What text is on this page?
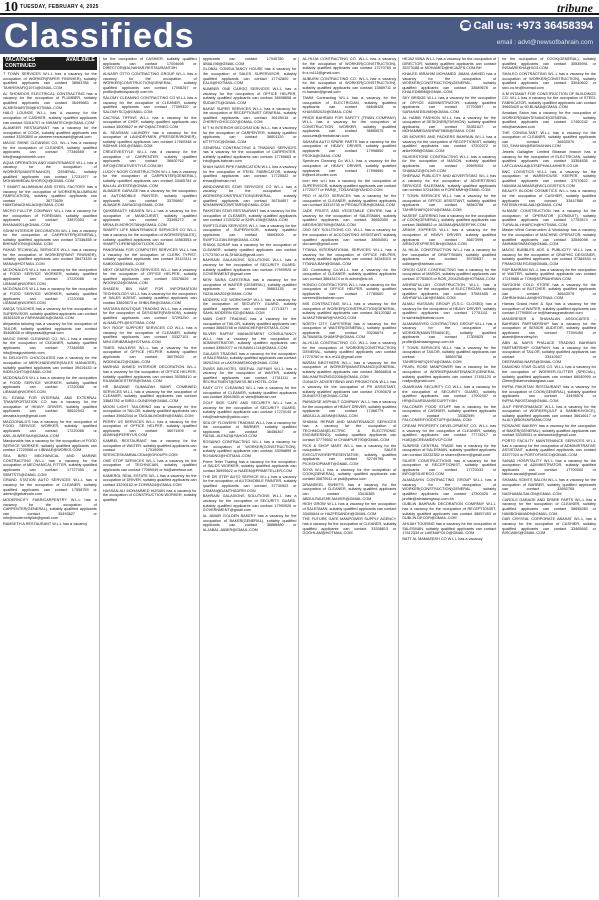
10 TUESDAY, FEBRUARY 4, 2025	tribune
Classifieds	☎ Call us: +973 36458394
email : advt@newsofbahrain.com
VACANCIES AVAILABLE CONTINUED

T TOWN SERVICES W.L.L has a vacancy for the occupation of WORKER(PAPER FINISHER), suitably qualified applicants can contact 38563788 or TAHIRSHAFIQ1974@GMAIL.COM

AL SHOMOOS ELECTRICAL CONTRACTING has a vacancy for the occupation of PLUMBER, suitably qualified applicants can contact 36499683 or ALMESHARITIM@HOTMAIL.COM

HALO LOUNGE W.L.L has a vacancy for the occupation of CASHIER, suitably qualified applicants can contact 33416707 or NIHAMTECH@GMAIL.COM

ALAMEER RESTAURANT has a vacancy for the occupation of COOK, suitably qualified applicants can contact 33393800 or alameer.restaurant@gmail.com

MAGIC SHINE CLEANING CO. W.L.L has a vacancy for the occupation of CLEANER, suitably qualified applicants can contact 77346555 or info@magicshinebh.com

AQUA OPERATION AND MAINTENANCE W.L.L has a vacancy for the occupation of WORKER(MAINTENANCE) GENERAL, suitably qualified applicants can contact 17231977 or MOHAMMEDALSHOROQI@GMAIL.COM

T SMART ALUMINIUM AND STEEL FACTORY has a vacancy for the occupation of WORKER(ALUMINUM FABRICATION), suitably qualified applicants can contact 36773639 or HAMTANAGHALAGI@GMAIL.COM

MICRO FULLTIP COMPANY W.L.L has a vacancy for the occupation of FOREMAN, suitably qualified applicants can contact 33870353 or BHANA6001@GMAIL.COM

SSHM INTERIOR DECORATION W.L.L has a vacancy for the occupation of CARPENTER(GENERAL), suitably qualified applicants can contact 37336458 or BHENATION0@GMAIL.COM

FAHAD TECHNICAL SERVICES W.L.L has a vacancy for the occupation of WORKER(PAINT FINISHER), suitably qualified applicants can contact 36473339 or MANA@HOTMAIL.COM

MCDONALD'S W.L.L has a vacancy for the occupation of FOOD SERVICE WORKER, suitably qualified applicants can contact 17220066 or LIBNIAE@WORKS.COM

MCDONALD'S W.L.L has a vacancy for the occupation of FOOD SERVICE WORKER, suitably qualified applicants can contact 17220066 or LIBNIAE@WORKS.COM

ANIQA TOUCHES has a vacancy for the occupation of SUPERVISOR, suitably qualified applicants can contact 36361525 or FARHANAEA@GMAIL.COM

dhiyaraba tailoring has a vacancy for the occupation of TAILOR, suitably qualified applicants can contact 35468035 or dilliprasad@gmail.com

MAGIC SHINE CLEANING CO. W.L.L has a vacancy for the occupation of CLEANER, suitably qualified applicants can contact 77346555 or info@magicshinebh.com

IN DELIGHTS CHOCOLATES has a vacancy for the occupation of MERCHANDISER(SALES MANAGER), suitably qualified applicants can contact 39414433 or INDELIGHTS@GMAIL.COM

MCDONALD'S W.L.L has a vacancy for the occupation of FOOD SERVICE WORKER, suitably qualified applicants can contact 17220066 or LIBNIAE@WORKS.COM

EL EZABA FOR INTERNAL AND EXTERNAL TRANSPORTATION CO. has a vacancy for the occupation of HEAVY DRIVER, suitably qualified applicants can contact 36632943 or alezaba.trpnt@gmail.com

MACDONALD'S has a vacancy for the occupation of FOOD SERVICE WORKER, suitably qualified applicants can contact 17220066 or ANIL.ALWEESAH@GMAIL.COM

Macdonalds has a vacancy for the occupation of FOOD SERVICE WORKER, suitably qualified applicants can contact 17220066 or LIBNIAE@WORKS.COM

SEA BIRD MECHANICAL AND MARINE CONTRACTING W.L.L has a vacancy for the occupation of MECHANICAL FITTER, suitably qualified applicants can contact 17727355 or SBMTSTS@GMAIL.COM

GRAND STATION AUTO SERVICES W.L.L has a vacancy for the occupation of CLEANER, suitably qualified applicants can contact 17558759 or admin@gsbahrain.com

MODERNCITY FABRICARPENTRY W.L.L has a vacancy for the occupation of CARPENTER(GENERAL), suitably qualified applicants can contact 35493627 or info@moderncityfab@gmail.com

RAMSETH A RESTAURANT W.L.L has a vacancy

for the occupation of CASHIER, suitably qualified applicants can contact 17004695 or DIRECTOR@ALNAHAR.RESTAURANT.BH

ALNASR OTTO CONTRACTING GROUP W.L.L has a vacancy for the occupation of WORKER(CONSTRUCTION)GENERAL, suitably qualified applicants can contact 17008267 or profile@altnospalm@.com.bh

SALOMY CLEANING CONTRACTING CO W.L.L has a vacancy for the occupation of CLEANER, suitably qualified applicants can contact 77099320 or SALOMYSCQ@GMAIL.COM

CACTINA TIFFINS W.L.L has a vacancy for the occupation of CHEF, suitably qualified applicants can contact 36009627 or INFO@ACTINEO.COM

AL SEASHAN LAUNDRY has a vacancy for the occupation of LAUNDRYMEN (PRESSER/IRONER), suitably qualified applicants can contact 17060348 or INDHAR.1901@GMAIL.COM

CREATIVESTYLE W.L.L has a vacancy for the occupation of CARPENTER, suitably qualified applicants can contact 36600762 or INFO@CREATIVESTYLE.COM.BH

LUCKY NOOR CONSTRUCTION W.L.L has a vacancy for the occupation of CARPENTER(GENERAL), suitably qualified applicants can contact 33465781 or BALLAL.AYESTE@GMAIL.COM

ALBADER GARAGE has a vacancy for the occupation of AUTOMOBILE PAINTER, suitably qualified applicants can contact 33759867 or ALBADER.GARAGE@GMAIL.COM

QUIKBEAUTY HEAVEN W.L.L has a vacancy for the occupation of MANICURIST, suitably qualified applicants can contact 33395272 or MENA.ELMOROSTAN@GMAIL.COM

SMARTY LIFE MAINTENANCE SERVICES CO W.L.L has a vacancy for the occupation of WORKER(SALES), suitably qualified applicants can contact 34563553 or SMARTYLIFEBH@OUTLOOK.COM

PANORAMA FOR COMPUTER SERVICES W.L.L has a vacancy for the occupation of CLERK TYPIST, suitably qualified applicants can contact 33123111 or KAB0033@GMAIL.COM

NEXT GENERATION SERVICES W.L.L has a vacancy for the occupation of OFFICE HELPER, suitably qualified applicants can contact 33376626 or WOONG24@GMAIL.COM

SHAEEN BIN NAIF FOR INFORMATION TECHNOLOGY W.L.L has a vacancy for the occupation of SALES AGENT, suitably qualified applicants can contact 33825673 or SHBN.BH@GMAIL.COM

VASTARA BOUTIQUE TRADING W.L.L has a vacancy for the occupation of DESIGNER(FASHION), suitably qualified applicants can contact 37293250 or ALNAKLPFL@HOTMAIL.COM

SKY ROOF SUPPORT SERVICES CO W.L.L has a vacancy for the occupation of CLEANER, suitably qualified applicants can contact 33327101 or MINI.GIRIBARA@HOTMAIL.COM

TIMES HAULERS W.L.L has a vacancy for the occupation of OFFICE HELPER, suitably qualified applicants can contact 36075620 or WODNOAZ2@GMAIL.COM

MARHAD AHMED INTERIOR DECORATION W.L.L has a vacancy for the occupation of OFFICE HELPER, suitably qualified applicants can contact 35355410 or RAJAMAGESTERS@GMAIL.COM

HR BAIZANE GUMAIZAH BAHR COMBINED SERVICES W.L.L has a vacancy for the occupation of CLEANER, suitably qualified applicants can contact 33683782 or BIRD.LOUNE99@GMAIL.COM

MOON LIGHT TAILORING has a vacancy for the occupation of TAILOR, suitably qualified applicants can contact 39662344 or TAGUALMOMEN@GMAIL.COM

PERRY US SERVICES W.L.L has a vacancy for the occupation of OFFICE HELPER, suitably qualified applicants can contact 36071509 or ADMIN@PERRYUS.COM

KAMBEL RESTAURANT has a vacancy for the occupation of WAITER, suitably qualified applicants can contact 17010098 or SERVICESKAMBALCEA4@GROUPS.COM

ONE STOP SERVICES W.L.L has a vacancy for the occupation of TECHNICIAN, suitably qualified applicants can contact 77089049 or fst@atnetwor.net

KAMEROL REAL ESTATE W.L.L has a vacancy for the occupation of DRIVER, suitably qualified applicants can contact 33290162 or ZOHRA04@GMAIL.COM

HASSAN ALI MOHAMMED HUSAIN has a vacancy for the occupation of CONSTRUCTION WORKER, suitably qualified

applicants can contact 17045780 or ABIALI98@GMAIL.COM

GLOBAL CONSULTANCY HOUSE has a vacancy for the occupation of SALES SUPERVISOR, suitably qualified applicants can contact 17742800 or EALS@HOTMAIL.COM

NUMBER ONE CARGO SERVICES W.L.L has a vacancy for the occupation of OFFICE HELPER, suitably qualified applicants can contact 36698658 or SUDAKTS@GMAIL.COM

BAHAT SUPER SERVICES W.L.L has a vacancy for the occupation of RECEPTIONIST GENERAL, suitably qualified applicants can contact 36105016 or CHERRYCHOCO37@GMAIL.COM

M T M INTERIOR DECORATION W.L.L has a vacancy for the occupation of CARPENTER, suitably qualified applicants can contact 36601120 or MTTFTOC@GMAIL.COM

GENERAL CONTRACTING & TRADING SERVICES has a vacancy for the occupation of CARPENTER, suitably qualified applicants can contact 17769663 or info@gcts-bahrain.com

SHAH NASS PIPE FABRICATION W.L.L has a vacancy for the occupation of STEEL FABRICATOR, suitably qualified applicants can contact 17725522 or shnas@bahrain.net

WINDOWNESS STAR SERVICES CO W.L.L has a vacancy for the occupation of WORKER(CONSTRUCTION)GENERAL, suitably qualified applicants can contact 36754807 or NIHAMWINDOWSTARS@GMAIL.COM

PAKISTAN STAR RESTAURANT has a vacancy for the occupation of CLEANER, suitably qualified applicants can contact 17253232 or KNPL19A@GMAIL.COM

SWIFTCLEAN SERVICES W.L.L has a vacancy for the occupation of SUPERVISOR, suitably qualified applicants can contact 36693009 or SWIFTCLEAN.BH@GMAIL.COM

SHAKA SORAP has a vacancy for the occupation of CLEANER, suitably qualified applicants can contact 17173760 or ALSHAKA@gmail.com

BAHRAIN GALAXIONS SOLUTIONS W.L.L has a vacancy for the occupation of SECURITY GUARD, suitably qualified applicants can contact 17990926 or GOVERNMENT@gmail.com

NEW SAIRA CAFETERIA has a vacancy for the occupation of WAITER (GENERAL), suitably qualified applicants can contact 39663135 or FAZALMAZ02@GMAIL.COM

MODERN ICE WORKSHOP W.L.L has a vacancy for the occupation of SECURITY GUARD, suitably qualified applicants can contact 17713377 or SAHIL.MODERN.ICE@GMAIL.COM

MAIN CHEF TRADING has a vacancy for the occupation of TAILOR, suitably qualified applicants can contact 36663766 or MAINCHEF@HOTMAIL.COM

SILVER RAFFAT MANAGEMENT CONSULTANCY W.L.L has a vacancy for the occupation of ADMINISTRATOR, suitably qualified applicants can contact 33962077 or HUNAIN.LI14@GMAIL.COM

GALAXIS TRADING has a vacancy for the occupation of SALESMAN, suitably qualified applicants can contact 38202264 or LAKSHAMSH02@GMAIL.COM

SWISS BELHOTEL SEEF/AL JUFFAIR W.L.L has a vacancy for the occupation of WAITER, suitably qualified applicants can contact 17311111 or RECRUITMENT@SWISS-BELHOTEL.COM

EASY CITY CLEANING W.L.L has a vacancy for the occupation of CLEANER, suitably qualified applicants can contact 39643631 or view@bahrain.net

GOLF SIDE CAFE AND SECURITY W.L.L has a vacancy for the occupation of SECURITY GUARD, suitably qualified applicants can contact 17270140 or info@hsiinwin@yahoo.com

SEA OF FLOWERS TRADING W.L.L has a vacancy for the occupation of BARBER, suitably qualified applicants can contact 36456367 or FAISAL.ALENZI@YAHOO.COM

ROSAINO CONTRACTING W.L.L has a vacancy for the occupation of WORKER(CONSTRUCTION), suitably qualified applicants can contact 33096899 or ROSAINO@HOTMAIL.COM

Prime Teller Trading has a vacancy for the occupation of SALES WORKER, suitably qualified applicants can contact 36995622 or NAEEM@PRIMETELLER.COM

THE DR STEP AUTO SERVICE W.L.L has a vacancy for the occupation of AUTOMOBILE PAINTER, suitably qualified applicants can contact 37730503 or OSMAN@DAMTHADRRI.COM

BAHRAIN GALAXIONS SOLUTIONS W.L.L has a vacancy for the occupation of SECURITY GUARD, suitably qualified applicants can contact 17990926 or GOVERNMENT@gmail.com

AL JABAR GOLDEN BAKERY has a vacancy for the occupation of BAKER(GENERAL), suitably qualified applicants can contact 38888480 or ALJABAL.JABER@GMAIL.COM

AL-HIJJA CONTRACTING CO. W.L.L has a vacancy for the occupation of WORKER(CONSTRUCTION), suitably qualified applicants can contact 17270760 or ib.s.m111@gmail.com

AUBURN CONTRACTING CO. W.L.L has a vacancy for the occupation of WORKER(CONSTRUCTION), suitably qualified applicants can contact 13889711 or m.hamam@gmail.com

TAMM Contracting W.L.L has a vacancy for the occupation of ELECTRICIAN, suitably qualified applicants can contact 66646428 or KHASSB2020@GMAIL.COM

PRICE BAHRAIN FOR SAFETY (TRAIN COMPANY) W.L.L has a vacancy for the occupation of CONSTRUCTION WORKER, suitably qualified applicants can contact 36855575 or accounts@ritmbahrain.com

SAHARA AUTO SPARE PARTS has a vacancy for the occupation of HEAVY DRIVER, suitably qualified applicants can contact 17998650 or FSOKA@GMAIL.COM

Spectrum Cleaning Co W.L.L has a vacancy for the occupation of HEAVY DRIVER, suitably qualified applicants can contact 17998650 or ib@sml.bhodex.com

icon tree w.l.l has a vacancy for the occupation of SUPERVISOR, suitably qualified applicants can contact 17720277 or PAR@_TODAY82@YAHOO.COM

PRO H AUTO SERVICES has a vacancy for the occupation of CLEANER, suitably qualified applicants can contact 33313730 or PROAUTOBH@GMAIL.COM

JADE FRUITS AND VEGETABLE CENTRE has a vacancy for the occupation of SALESMAN, suitably qualified applicants can contact 36652050 or MEDSHOB7909@GMAIL.COM

CBO SKY SOLUTIONS CO. W.L.L has a vacancy for the occupation of ACCOUNTING ASSISTANT, suitably qualified applicants can contact 38654001 or cbo.web@gmail.com

TITANIA INTERNATIONAL SERVICES W.L.L has a vacancy for the occupation of OFFICE HELPER, suitably qualified applicants can contact 34346310 or TITANIA.BAH@GMAIL.COM

DD Contracting Co.W.L.L has a vacancy for the occupation of CLEANER, suitably qualified applicants can contact 36643474 or ib.admin@dc.bh

HONGLI CONTRACTORS W.L.L has a vacancy for the occupation of OFFICE HELPER, suitably qualified applicants can contact 17780600 or careers@kcbahrain.com

MIS CONTRACTING W.L.L has a vacancy for the occupation of WORKER(CONSTRUCTION)GENERAL, suitably qualified applicants can contact 36120382 or ALMAZTIBHAR@YAHOO.COM

NORTH CITY CAFETERIA has a vacancy for the occupation of WAITER(GENERAL), suitably qualified applicants can contact 33236674 or ALTAWASA.SHAMSP@GMAIL.COM

AL-HIJJA CONTRACTING CO. W.L.L has a vacancy for the occupation of WORKER(CONSTRUCTION) GENERAL, suitably qualified applicants can contact 17270760 or ib.s.m111@gmail.com

BARAN BROTHERS W.L.L has a vacancy for the occupation of WORKER(MAINTENANCE)GENERAL, suitably qualified applicants can contact 36668818 or BALHAMTMZNGG2006@GMAIL.COM

GUNASY ADVERTISING AND PROMOTION W.L.L has a vacancy for the occupation of PR ASSISTANT, suitably qualified applicants can contact 17050678 or DUNASY37@GMAIL.COM

PARADISE ASPHALT COMPANY W.L.L has a vacancy for the occupation of HEAVY DRIVER, suitably qualified applicants can contact 17466779 or ABDULLA.JASIM@GMAIL.COM

SHAMAL REPAIR AND MAINTENANCE SERVICES has a vacancy for the occupation of TECHNICIAN(ELECTRIC & ELECTRONIC ENGINEERING), suitably qualified applicants can contact 37779652 or CHAMPUR790@GMAIL.COM

PICK & SHOP MART W.L.L has a vacancy for the occupation of SALES EXECUTIVE/REPRESENTATIVE, suitably qualified applicants can contact 32749796 or PICKSHOPMART@GMAIL.COM

SOYA W.L.L has a vacancy for the occupation of COOK(GENERAL), suitably qualified applicants can contact 35879511 or psd@yahoo.com

DRAMDEEL SWEETS has a vacancy for the occupation of CLEANER, suitably qualified applicants can contact 33416365 or ABDULRAUSHE.MAHER@GMAIL.COM

HIGH GROW W.L.L has a vacancy for the occupation of SALESMAN, suitably qualified applicants can contact 33400644 or HAZFESANDH@GMAIL.COM

THE FUTURE GATE MANPOWER SUPPLY AGENCY has a vacancy for the occupation of CLEANER, suitably qualified applicants can contact 33336813 or GOOHLAM@HOTMAIL.COM

HEJAZ MINA W.L.L has a vacancy for the occupation of DIRECTOR, suitably qualified applicants can contact 33373188 or MOHAMED@HEJAZFS.COM.BH

KHALED IBRAHIM MOHAMED JAMAL AHMED has a vacancy for the occupation of WORKER(CONSTRUCTION)GENERAL, suitably qualified applicants can contact 33689676 or KHALEDIBBM@GMAIL.COM

SKY BRIDGE W.L.L has a vacancy for the occupation of OFFICE ADMINISTRATOR, suitably qualified applicants can contact 37703597 or SARAHATEB1989@GMAIL.COM

AL HABIB FASHION W.L.L has a vacancy for the occupation of DESIGNER(FASHION), suitably qualified applicants can contact 35351627 or MOHAMMEDASHRAF0830@GMAIL.COM

GB MOVERS AND PACKERS BAHRAIN W.L.L has a vacancy for the occupation of RECEPTIONIST, suitably qualified applicants can contact 17202072 or ahlie9998@GMAIL.COM

SILVERSTONE CONTRACTING W.L.L has a vacancy for the occupation of MASON, suitably qualified applicants can contact 39699304 or SHABAZIZ@OLIVE.COM

SHERAAZ PUBLICITY AND ADVERTISING W.L.L has a vacancy for the occupation of ADVERTISING SERVICES SALESMAN, suitably qualified applicants can contact 37244984 or FOREMMH@GMAIL.COM

T TOWN SERVICES W.L.L has a vacancy for the occupation of OFFICE ASSISTANT, suitably qualified applicants can contact 38563788 or TAHIRSHAFIQ1974@GMAIL.COM

NASEEF CATERING has a vacancy for the occupation of COOK(GENERAL), suitably qualified applicants can contact 36658852 or JASIMA@NASEEFHK.COM

ARASH EXPRESS W.L.L has a vacancy for the occupation of HEAVY DRIVER, suitably qualified applicants can contact 36673999 or AIRDOVEXPRESS.BH@GMAIL.COM

AL HILAL CONSTRUCTION W.L.L has a vacancy for the occupation of DRAFTSMAN, suitably qualified applicants can contact 39730637 or colledger@bahrain.com

ORION GATE CONTRACTING has a vacancy for the occupation of MASON, suitably qualified applicants can contact 37753503 or BOB_2004ZND@HOTMAIL.COM

ASHRAFULLAH CONSTRUCTION W.L.L has a vacancy for the occupation of ELECTRICIAN, suitably qualified applicants can contact 37581655 or ASHRAFULLAH@GMAIL.COM

ALMAJ HUSSAIN GROUP (S.S.C. CLOSED) has a vacancy for the occupation of HEAVY DRIVER, suitably qualified applicants can contact 17751111 or hr.samirta@bahrain.com

ALMAWASYED CONTRACTING GROUP W.L.L has a vacancy for the occupation of WORKER(MAINTENANCE), suitably qualified applicants can contact 17300825 or profile@almasimgroup.com.bh

T TOWN SERVICES W.L.L has a vacancy for the occupation of TAILOR, suitably qualified applicants can contact 38563788 or TAHIRSHAFIQ1974@GMAIL.COM

PEARL ROSE MANPOWER has a vacancy for the occupation of WORKER(MAINTENANCE)GENERAL, suitably qualified applicants can contact 17451120 or rosilpo@gmail.com

GUARDIAN SECURITY CO W.L.L has a vacancy for the occupation of SECURITY GUARD, suitably qualified applicants can contact 17002407 or HR@GUARDIANSECURITY.BH

FALCONER FOOD STUFF has a vacancy for the occupation of CASHIER, suitably qualified applicants can contact 33382599 or FALCONERFOODSTUFF@GMAIL.COM

CREAM PROPERTY DEVELOPMENT CO. W.L.L has a vacancy for the occupation of CLEANER, suitably qualified applicants can contact 77778217 or H18Q@CREAMDEVCP.COM

SUNRISE CENTRAL TRADE has a vacancy for the occupation of SALESMAN, suitably qualified applicants can contact 33232382 or sharex@exmr@gmail.com

SILVER CONSTRUCTIONS has a vacancy for the occupation of RECEPTIONIST, suitably qualified applicants can contact 17723333 or INFO@SILVERCO.COM

ALMADAYIN CONTRACTING GROUP W.L.L has a vacancy for the occupation of WORKER(CONSTRUCTION)GENERAL, suitably qualified applicants can contact 17300425 or profile@almasimgroup.com.bh

DUBLIN BAHRAIN DECORATION COMPANY W.L.L has a vacancy for the occupation of RECEPTIONIST, suitably qualified applicants can contact 38657453 or DUBLIN.DECOR@GMAIL.COM

AHLIAH TOURING has a vacancy for the occupation of SALESMAN, suitably qualified applicants can contact 17612334 or LAIENAPOLO@GMAIL.COM

BATT AL MAMAEESH CO W.L.L has a vacancy

for the occupation of COOK(GENERAL), suitably qualified applicants can contact 35535991 or INSAAREKHA@SG3.COM

SHALEO CONTRACTING W.L.L has a vacancy for the occupation of WORKER(CONSTRUCTION), suitably qualified applicants can contact 33040602 or smc.co.bh@hotmail.com

A M INTAMAT FOR CONSTRUCTION OF BUILDINGS CO. W.L.L has a vacancy for the occupation of STEEL FABRICATOR, suitably qualified applicants can contact 39653429 or 60.BLNAA@GMAIL.COM

Amadani Salon has a vacancy for the occupation of WORKER(MAINTENANCE)GENERAL, suitably qualified applicants can contact 17450242 or info@amadani.com

THE CONSULTANT W.L.L has a vacancy for the occupation of CLEANER, suitably qualified applicants can contact 36830070 or GO_SHAHAN@RASHAHAN.COM

Jewels Gallagher Limited Bhawan branch has a vacancy for the occupation of ELECTRICIAN, suitably qualified applicants can contact 33364835 or LAFCLAHALA@JOSEPHALLAHHER.CO.UK

BNC LOGISTICS W.L.L has a vacancy for the occupation of WAREHOUSE KEEPER, suitably qualified applicants can contact 37070622 or HAMAM.ALMIMAR@WCLOGISTICS.COM

BEAUTY BLOOM COSMETICS W.L.L has a vacancy for the occupation of CASHIER, suitably qualified applicants can contact 33447880 or FATEMA.HHALAALI@GMAIL.COM

ALMASE CONSTRUCTION has a vacancy for the occupation of OPERATOR (CONDUIT), suitably qualified applicants can contact 17753574 or TURALAL.HHARCH@HOTMAIL.COM

Master Wind Construction & Workshop has a vacancy for the occupation of MACHINE OPERATOR, suitably qualified applicants can contact 33546098 or AMINMASWAN03@GMAIL.COM

MAGIC BUBBLES ADS & PUBLICITY W.L.L has a vacancy for the occupation of GRAPHIC DESIGNER, suitably qualified applicants can contact 37384534 or FRANCISM.RC83@GMAIL.COM

SSP BAHRAIN W.L.L has a vacancy for the occupation of WAITER, suitably qualified applicants can contact 17219685 or TOM@SSPBAHRAIN.COM

SAYDOHA COLD STORE has a vacancy for the occupation of BUTCHER, suitably qualified applicants can contact 36643079 or ZAHRAHHALLAH@HOTMAIL.COM

Hamas Grand Hotel & Spa has a vacancy for the occupation of WAITER, suitably qualified applicants can contact 17799500 or hr@hamasgrandhotel.com

MANDRESER & SHAHALAN ASSOCIATES - BAHRAIN PARTNERSHIP has a vacancy for the occupation of SENIOR AUDITOR, suitably qualified applicants can contact 77394450 or akamit@mandesy.bh

ABN AL NAFIS PHALACE TRADING BAHRAIN PARTNERSHIP COMPANY has a vacancy for the occupation of TAILOR, suitably qualified applicants can contact 33410507 or DEEPAKBALNAFIS@GMAIL.COM

DIAMOND STAR GLASS CO. W.L.L has a vacancy for the occupation of WORKER-GLITTER (SPECIAL), suitably qualified applicants can contact 66040999 or Glenn@diamondstarglass.com

INFRA PAKISTAN RESTAURANT has a vacancy for the occupation of COOK(GENERAL), suitably qualified applicants can contact 33495576 or INFRA.PAKISTAN@GMAIL.COM

JULF PERFORMANCE W.L.L has a vacancy for the occupation of WORKER(JULF & SAMBHUVOICE), suitably qualified applicants can contact 36616617 or ALALY@BONJURAMA.COM

ROSAUVE BAKERY has a vacancy for the occupation of BAKER(GENERAL), suitably qualified applicants can contact 33335051 or aishamish@gmail.com

PORTO FACILITY MAINTENANCE SERVICES W.L.L has a vacancy for the occupation of ADMINISTRATIVE ASSISTANT, suitably qualified applicants can contact 33377224 or PORTOFMSCO@GMAIL.COM

SANAD HOSPITALITY W.L.L has a vacancy for the occupation of ADMINISTRATOR, suitably qualified applicants can contact 17700000 or fatima.sanad@gmail.com

SHAMAL SOMTS SALON W.L.L has a vacancy for the occupation of BARBER, suitably qualified applicants can contact 33692765 or NASHAMALSALON@GMAIL.COM

CAROLS GARAGE AND SPARE PARTS W.L.L has a vacancy for the occupation of CLEANER, suitably qualified applicants can contact 36655283 or HAMBOHAMAD9@GMAIL.COM

DAR CRYSTAL CORPORATE ABAHAT W.L.L has a vacancy for the occupation of CASHIER, suitably qualified applicants can contact 33465692 or BISCABIS@GMAIL.COM
